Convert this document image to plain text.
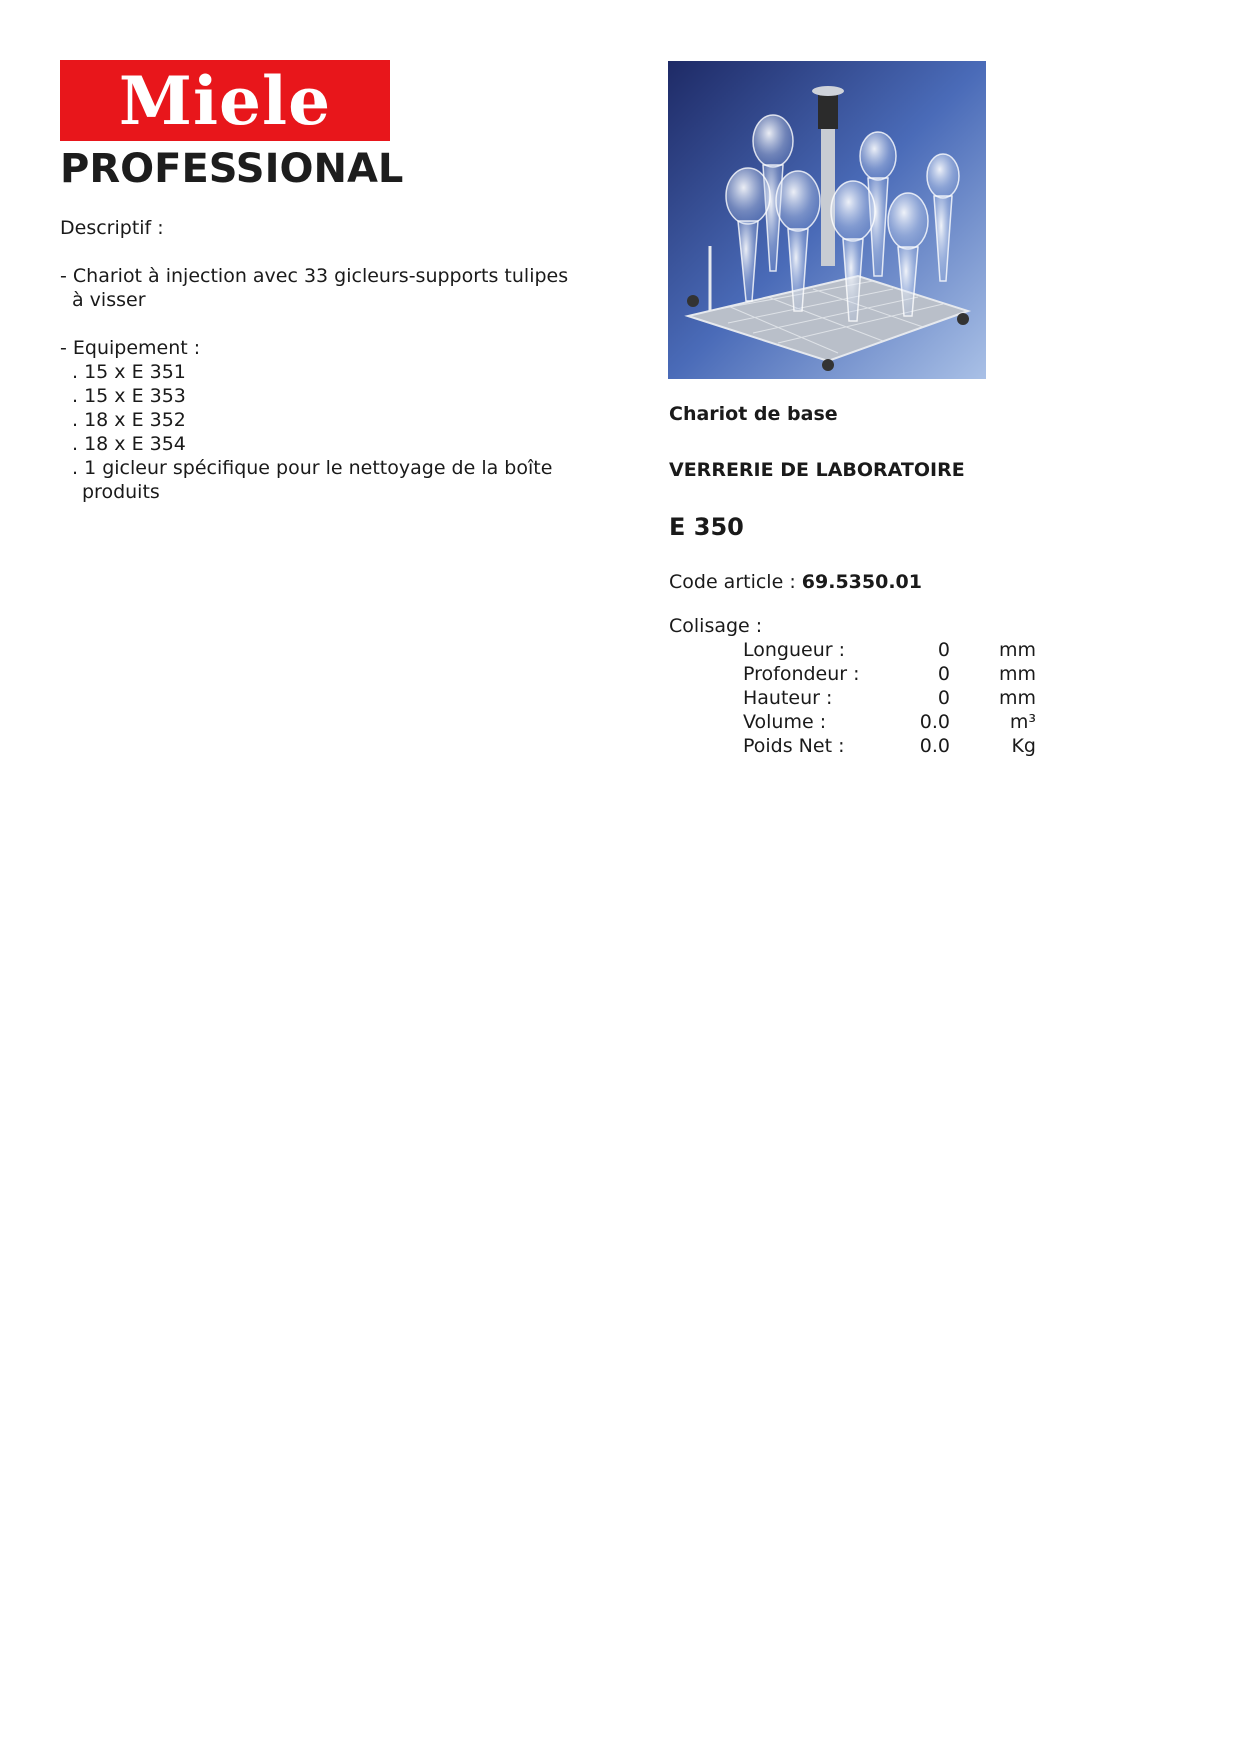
Miele
PROFESSIONAL
Descriptif :
- Chariot à injection avec 33 gicleurs-supports tulipes
à visser
- Equipement :
. 15 x E 351
. 15 x E 353
. 18 x E 352
. 18 x E 354
. 1 gicleur spécifique pour le nettoyage de la boîte
produits
Chariot de base
VERRERIE DE LABORATOIRE
E 350
Code article : 69.5350.01
Colisage :
Longueur :	0	mm
Profondeur :	0	mm
Hauteur :	0	mm
Volume :	0.0	m³
Poids Net :	0.0	Kg
